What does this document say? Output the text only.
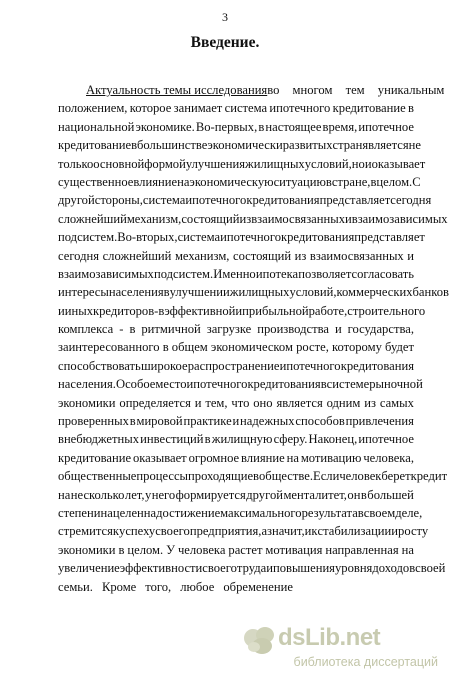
3
Введение.
Актуальность темы исследования во многом тем уникальным
положением, которое занимает система ипотечного кредитование в
национальной экономике. Во-первых, в настоящее время, ипотечное
кредитование в большинстве экономически развитых стран является не
только основной формой улучшения жилищных условий, но и оказывает
существенное влияние на экономическую ситуацию в стране, в целом. С
другой стороны, система ипотечного кредитования представляет сегодня
сложнейший механизм, состоящий из взаимосвязанных и взаимозависимых
подсистем. Во-вторых, система ипотечного кредитования представляет
сегодня сложнейший механизм, состоящий из взаимосвязанных и
взаимозависимых подсистем. Именно ипотека позволяет согласовать
интересы населения в улучшении жилищных условий, коммерческих банков
и иных кредиторов - в эффективной и прибыльной работе, строительного
комплекса - в ритмичной загрузке производства и государства,
заинтересованного в общем экономическом росте, которому будет
способствовать широкое распространение ипотечного кредитования
населения. Особое место ипотечного кредитования в системе рыночной
экономики определяется и тем, что оно является одним из самых
проверенных в мировой практике и надежных способов привлечения
внебюджетных инвестиций в жилищную сферу. Наконец, ипотечное
кредитование оказывает огромное влияние на мотивацию человека,
общественные процессы проходящие в обществе. Если человек берет кредит
на несколько лет, у него формируется другой менталитет, он в большей
степени нацелен на достижение максимального результата в своем деле,
стремится к успеху своего предприятия, а значит, и к стабилизации и росту
экономики в целом. У человека растет мотивация направленная на
увеличение эффективности своего труда и повышения уровня доходов своей
семьи. Кроме того, любое обременение
dsLib.net
библиотека диссертаций
